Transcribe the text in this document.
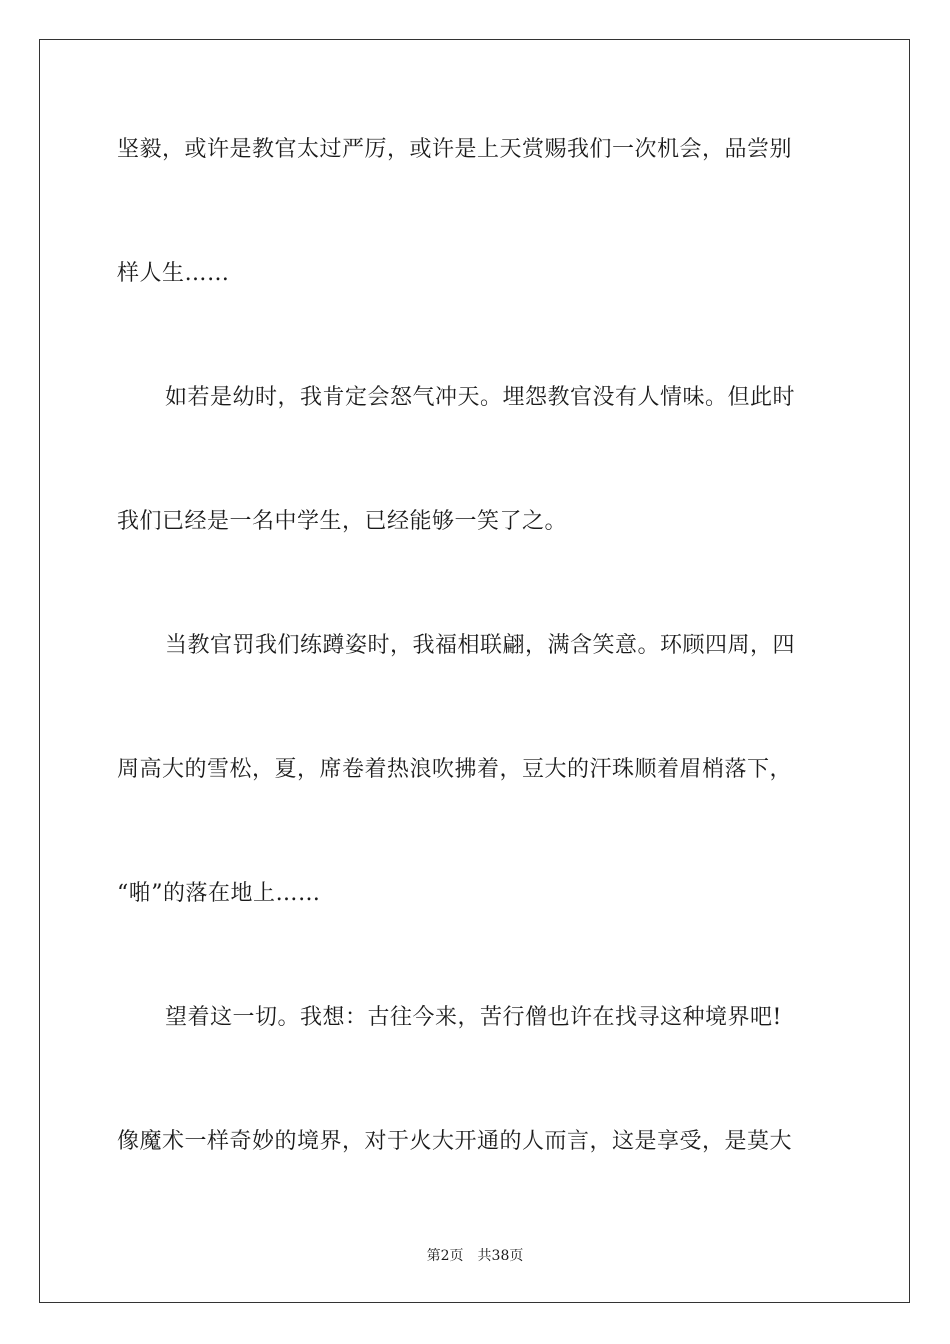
坚毅，或许是教官太过严厉，或许是上天赏赐我们一次机会，品尝别
样人生……
如若是幼时，我肯定会怒气冲天。埋怨教官没有人情味。但此时
我们已经是一名中学生，已经能够一笑了之。
当教官罚我们练蹲姿时，我福相联翩，满含笑意。环顾四周，四
周高大的雪松，夏，席卷着热浪吹拂着，豆大的汗珠顺着眉梢落下，
“啪”的落在地上……
望着这一切。我想：古往今来，苦行僧也许在找寻这种境界吧!
像魔术一样奇妙的境界，对于火大开通的人而言，这是享受，是莫大
第2页 共38页
